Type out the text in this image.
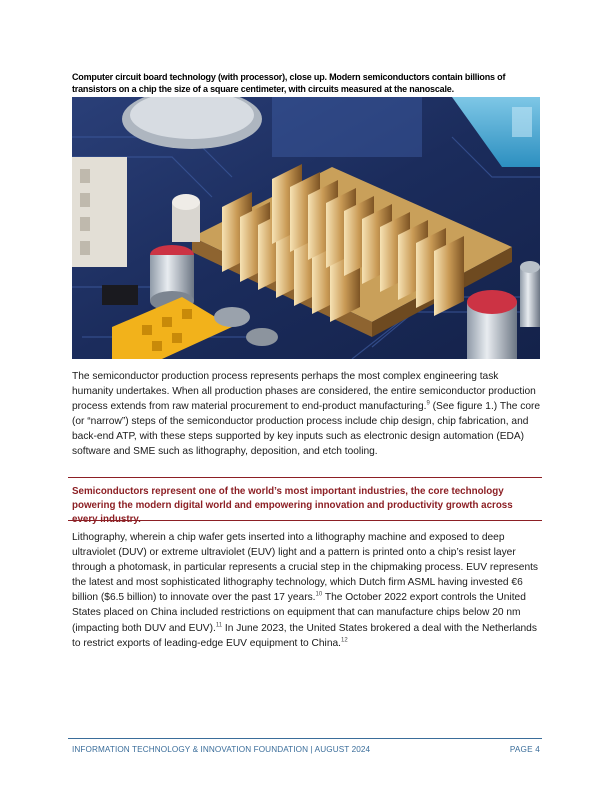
Computer circuit board technology (with processor), close up. Modern semiconductors contain billions of transistors on a chip the size of a square centimeter, with circuits measured at the nanoscale.

The semiconductor production process represents perhaps the most complex engineering task humanity undertakes. When all production phases are considered, the entire semiconductor production process extends from raw material procurement to end-product manufacturing.$^9$ (See figure 1.) The core (or “narrow”) steps of the semiconductor production process include chip design, chip fabrication, and back-end ATP, with these steps supported by key inputs such as electronic design automation (EDA) software and SME such as lithography, deposition, and etch tooling.

Semiconductors represent one of the world’s most important industries, the core technology powering the modern digital world and empowering innovation and productivity growth across every industry.

Lithography, wherein a chip wafer gets inserted into a lithography machine and exposed to deep ultraviolet (DUV) or extreme ultraviolet (EUV) light and a pattern is printed onto a chip’s resist layer through a photomask, in particular represents a crucial step in the chipmaking process. EUV represents the latest and most sophisticated lithography technology, which Dutch firm ASML having invested €6 billion ($6.5 billion) to innovate over the past 17 years.$^{10}$ The October 2022 export controls the United States placed on China included restrictions on equipment that can manufacture chips below 20 nm (impacting both DUV and EUV).$^{11}$ In June 2023, the United States brokered a deal with the Netherlands to restrict exports of leading-edge EUV equipment to China.$^{12}$

INFORMATION TECHNOLOGY & INNOVATION FOUNDATION | AUGUST 2024	PAGE 4
